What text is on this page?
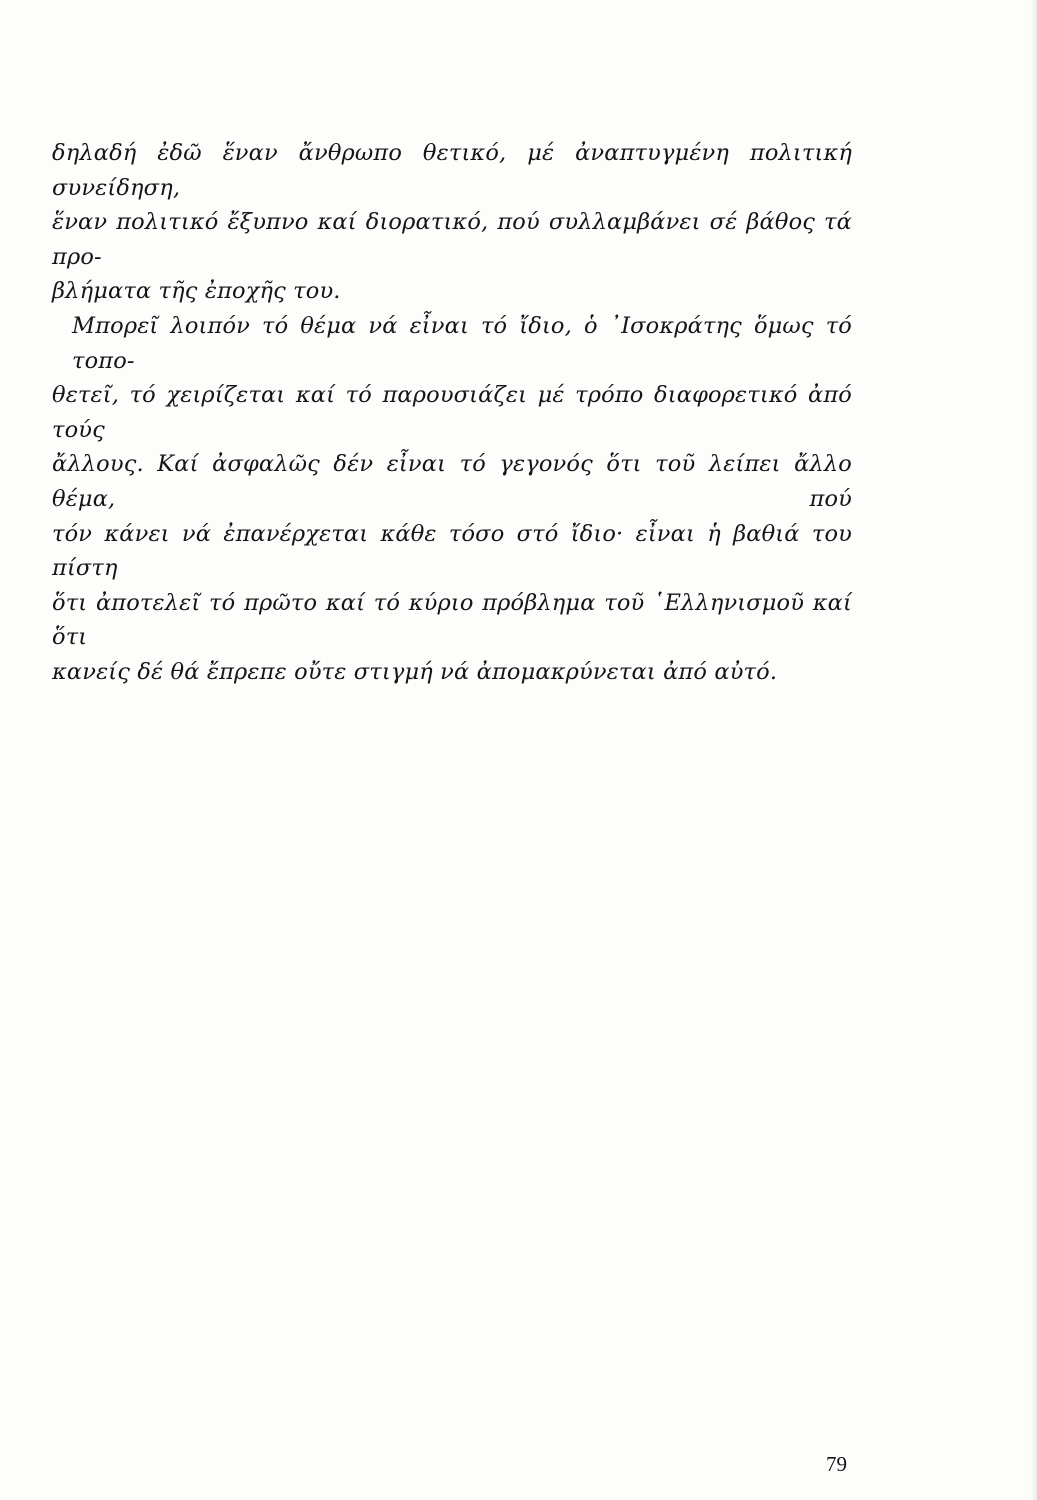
δηλαδή ἐδῶ ἕναν ἄνθρωπο θετικό, μέ ἀναπτυγμένη πολιτική συνείδηση,
ἕναν πολιτικό ἔξυπνο καί διορατικό, πού συλλαμβάνει σέ βάθος τά προ-
βλήματα τῆς ἐποχῆς του.
Μπορεῖ λοιπόν τό θέμα νά εἶναι τό ἴδιο, ὁ ᾿Ισοκράτης ὅμως τό τοπο-
θετεῖ, τό χειρίζεται καί τό παρουσιάζει μέ τρόπο διαφορετικό ἀπό τούς
ἄλλους. Καί ἀσφαλῶς δέν εἶναι τό γεγονός ὅτι τοῦ λείπει ἄλλο θέμα, πού
τόν κάνει νά ἐπανέρχεται κάθε τόσο στό ἴδιο· εἶναι ἡ βαθιά του πίστη
ὅτι ἀποτελεῖ τό πρῶτο καί τό κύριο πρόβλημα τοῦ ῾Ελληνισμοῦ καί ὅτι
κανείς δέ θά ἔπρεπε οὔτε στιγμή νά ἀπομακρύνεται ἀπό αὐτό.
79
